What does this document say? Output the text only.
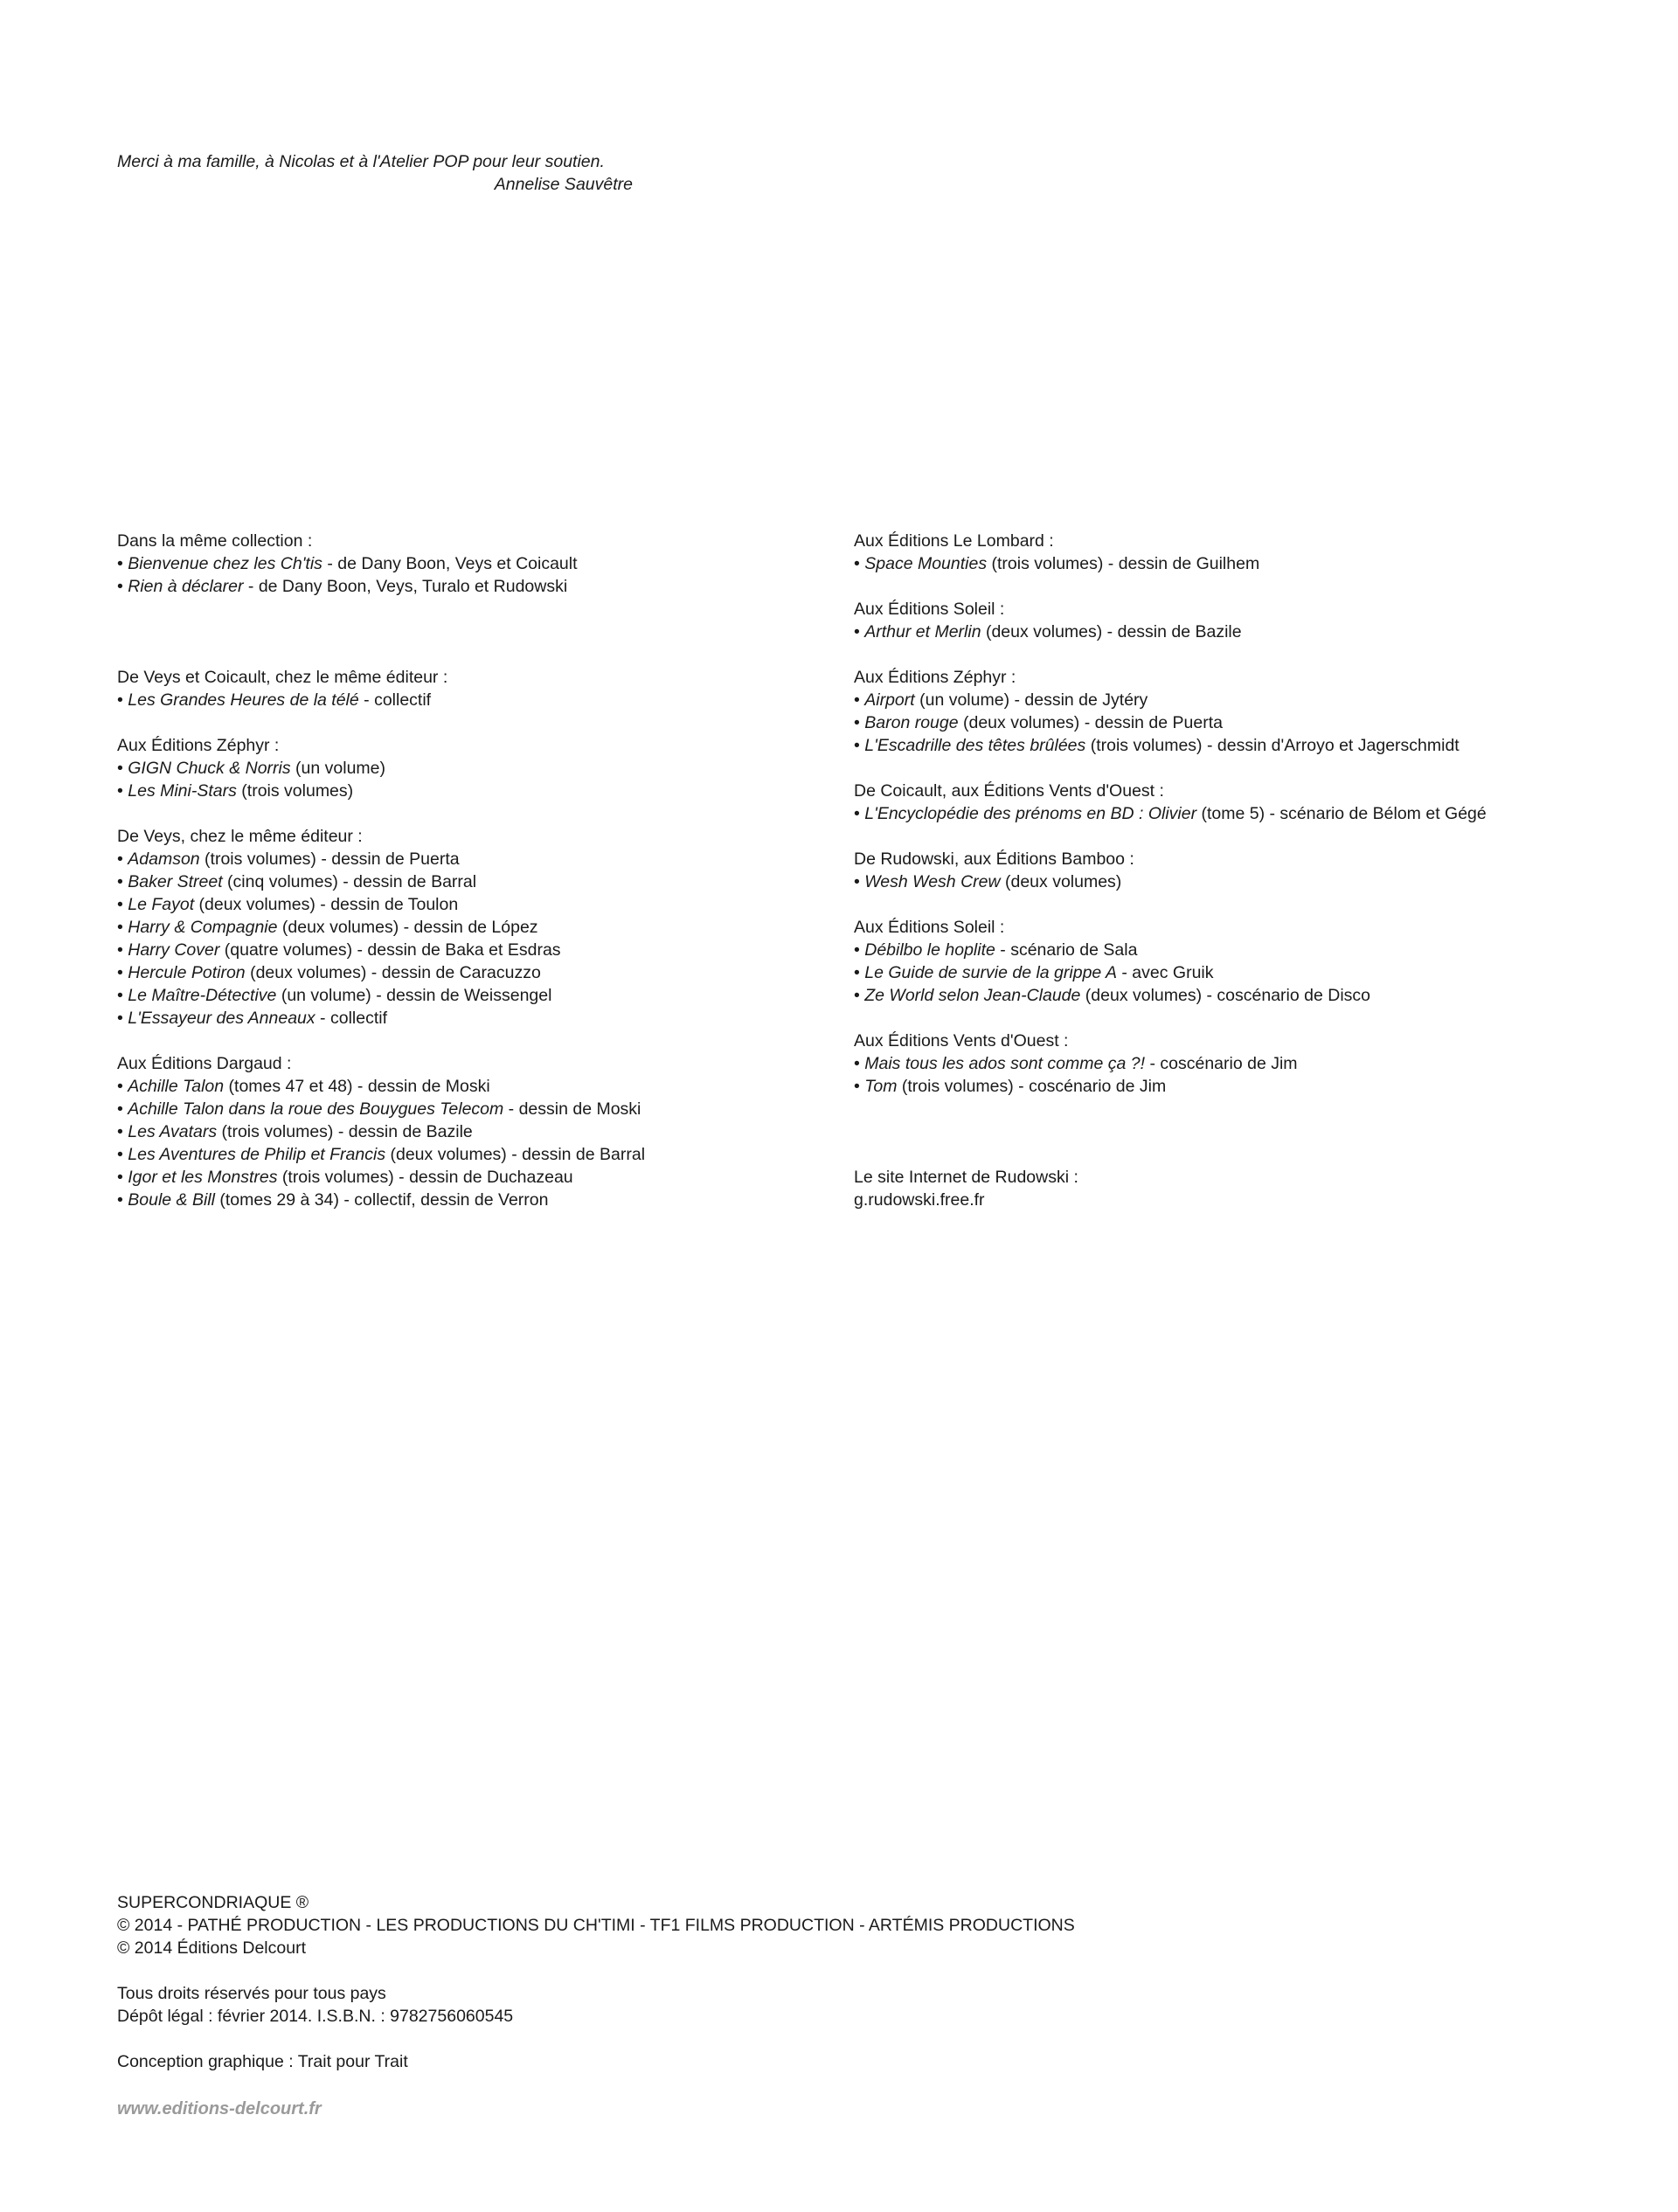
Merci à ma famille, à Nicolas et à l'Atelier POP pour leur soutien.
Annelise Sauvêtre
Dans la même collection :
• Bienvenue chez les Ch'tis - de Dany Boon, Veys et Coicault
• Rien à déclarer - de Dany Boon, Veys, Turalo et Rudowski
De Veys et Coicault, chez le même éditeur :
• Les Grandes Heures de la télé - collectif
Aux Éditions Zéphyr :
• GIGN Chuck & Norris (un volume)
• Les Mini-Stars (trois volumes)
De Veys, chez le même éditeur :
• Adamson (trois volumes) - dessin de Puerta
• Baker Street (cinq volumes) - dessin de Barral
• Le Fayot (deux volumes) - dessin de Toulon
• Harry & Compagnie (deux volumes) - dessin de López
• Harry Cover (quatre volumes) - dessin de Baka et Esdras
• Hercule Potiron (deux volumes) - dessin de Caracuzzo
• Le Maître-Détective (un volume) - dessin de Weissengel
• L'Essayeur des Anneaux - collectif
Aux Éditions Dargaud :
• Achille Talon (tomes 47 et 48) - dessin de Moski
• Achille Talon dans la roue des Bouygues Telecom - dessin de Moski
• Les Avatars (trois volumes) - dessin de Bazile
• Les Aventures de Philip et Francis (deux volumes) - dessin de Barral
• Igor et les Monstres (trois volumes) - dessin de Duchazeau
• Boule & Bill (tomes 29 à 34) - collectif, dessin de Verron
Aux Éditions Le Lombard :
• Space Mounties (trois volumes) - dessin de Guilhem
Aux Éditions Soleil :
• Arthur et Merlin (deux volumes) - dessin de Bazile
Aux Éditions Zéphyr :
• Airport (un volume) - dessin de Jytéry
• Baron rouge (deux volumes) - dessin de Puerta
• L'Escadrille des têtes brûlées (trois volumes) - dessin d'Arroyo et Jagerschmidt
De Coicault, aux Éditions Vents d'Ouest :
• L'Encyclopédie des prénoms en BD : Olivier (tome 5) - scénario de Bélom et Gégé
De Rudowski, aux Éditions Bamboo :
• Wesh Wesh Crew (deux volumes)
Aux Éditions Soleil :
• Débilbo le hoplite - scénario de Sala
• Le Guide de survie de la grippe A - avec Gruik
• Ze World selon Jean-Claude (deux volumes) - coscénario de Disco
Aux Éditions Vents d'Ouest :
• Mais tous les ados sont comme ça ?! - coscénario de Jim
• Tom (trois volumes) - coscénario de Jim
Le site Internet de Rudowski :
g.rudowski.free.fr
SUPERCONDRIAQUE ®
© 2014 - PATHÉ PRODUCTION - LES PRODUCTIONS DU CH'TIMI - TF1 FILMS PRODUCTION - ARTÉMIS PRODUCTIONS
© 2014 Éditions Delcourt
Tous droits réservés pour tous pays
Dépôt légal : février 2014. I.S.B.N. : 9782756060545
Conception graphique : Trait pour Trait
www.editions-delcourt.fr
